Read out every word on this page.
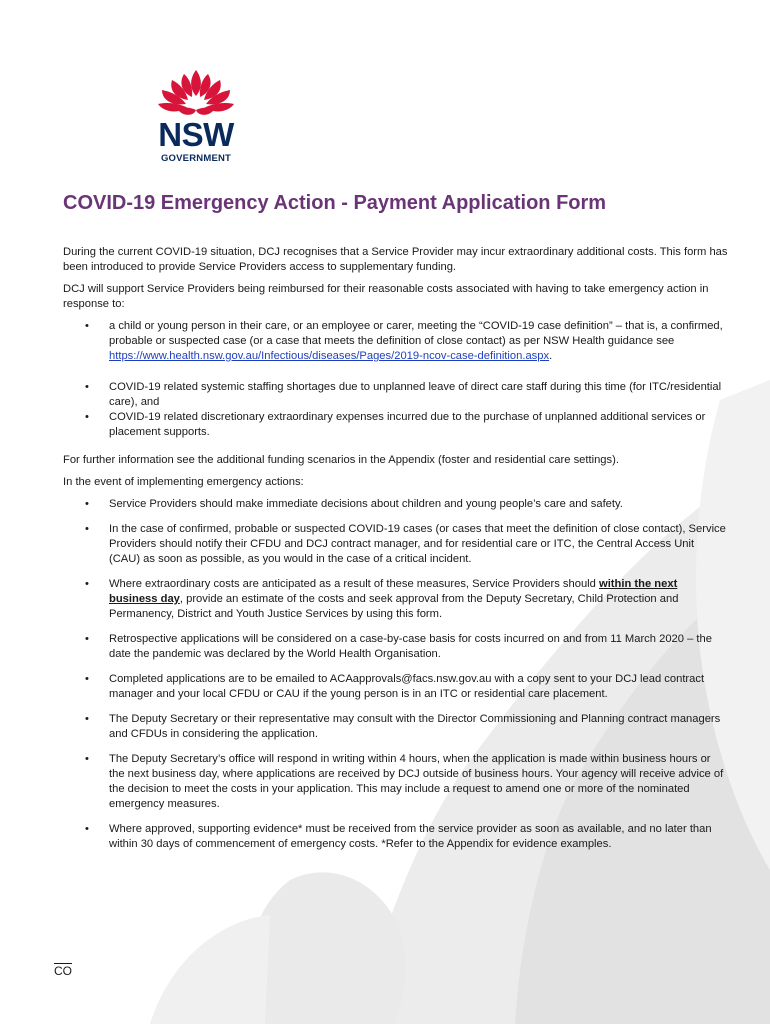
NSW
GOVERNMENT
COVID-19 Emergency Action - Payment Application Form

During the current COVID-19 situation, DCJ recognises that a Service Provider may incur extraordinary additional costs. This form has been introduced to provide Service Providers access to supplementary funding.

DCJ will support Service Providers being reimbursed for their reasonable costs associated with having to take emergency action in response to:

• a child or young person in their care, or an employee or carer, meeting the “COVID-19 case definition” – that is, a confirmed, probable or suspected case (or a case that meets the definition of close contact) as per NSW Health guidance see https://www.health.nsw.gov.au/Infectious/diseases/Pages/2019-ncov-case-definition.aspx.
• COVID-19 related systemic staffing shortages due to unplanned leave of direct care staff during this time (for ITC/residential care), and
• COVID-19 related discretionary extraordinary expenses incurred due to the purchase of unplanned additional services or placement supports.

For further information see the additional funding scenarios in the Appendix (foster and residential care settings).

In the event of implementing emergency actions:

• Service Providers should make immediate decisions about children and young people’s care and safety.
• In the case of confirmed, probable or suspected COVID-19 cases (or cases that meet the definition of close contact), Service Providers should notify their CFDU and DCJ contract manager, and for residential care or ITC, the Central Access Unit (CAU) as soon as possible, as you would in the case of a critical incident.
• Where extraordinary costs are anticipated as a result of these measures, Service Providers should within the next business day, provide an estimate of the costs and seek approval from the Deputy Secretary, Child Protection and Permanency, District and Youth Justice Services by using this form.
• Retrospective applications will be considered on a case-by-case basis for costs incurred on and from 11 March 2020 – the date the pandemic was declared by the World Health Organisation.
• Completed applications are to be emailed to ACAapprovals@facs.nsw.gov.au with a copy sent to your DCJ lead contract manager and your local CFDU or CAU if the young person is in an ITC or residential care placement.
• The Deputy Secretary or their representative may consult with the Director Commissioning and Planning contract managers and CFDUs in considering the application.
• The Deputy Secretary’s office will respond in writing within 4 hours, when the application is made within business hours or the next business day, where applications are received by DCJ outside of business hours. Your agency will receive advice of the decision to meet the costs in your application. This may include a request to amend one or more of the nominated emergency measures.
• Where approved, supporting evidence* must be received from the service provider as soon as available, and no later than within 30 days of commencement of emergency costs. *Refer to the Appendix for evidence examples.
CO
